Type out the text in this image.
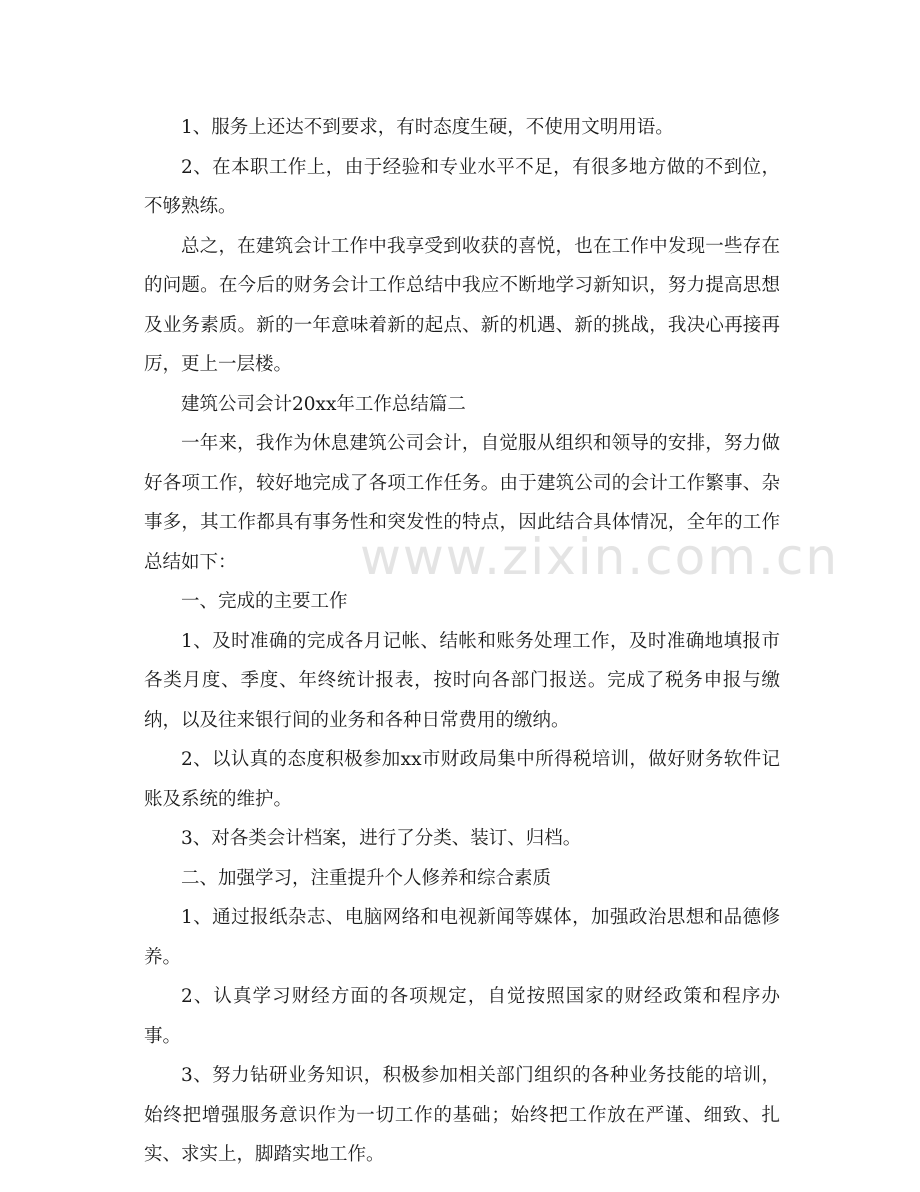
www.zixin.com.cn

1、服务上还达不到要求，有时态度生硬，不使用文明用语。

2、在本职工作上，由于经验和专业水平不足，有很多地方做的不到位，不够熟练。

总之，在建筑会计工作中我享受到收获的喜悦，也在工作中发现一些存在的问题。在今后的财务会计工作总结中我应不断地学习新知识，努力提高思想及业务素质。新的一年意味着新的起点、新的机遇、新的挑战，我决心再接再厉，更上一层楼。

建筑公司会计20xx年工作总结篇二

一年来，我作为休息建筑公司会计，自觉服从组织和领导的安排，努力做好各项工作，较好地完成了各项工作任务。由于建筑公司的会计工作繁事、杂事多，其工作都具有事务性和突发性的特点，因此结合具体情况，全年的工作总结如下：

一、完成的主要工作

1、及时准确的完成各月记帐、结帐和账务处理工作，及时准确地填报市各类月度、季度、年终统计报表，按时向各部门报送。完成了税务申报与缴纳，以及往来银行间的业务和各种日常费用的缴纳。

2、以认真的态度积极参加xx市财政局集中所得税培训，做好财务软件记账及系统的维护。

3、对各类会计档案，进行了分类、装订、归档。

二、加强学习，注重提升个人修养和综合素质

1、通过报纸杂志、电脑网络和电视新闻等媒体，加强政治思想和品德修养。

2、认真学习财经方面的各项规定，自觉按照国家的财经政策和程序办事。

3、努力钻研业务知识，积极参加相关部门组织的各种业务技能的培训，始终把增强服务意识作为一切工作的基础；始终把工作放在严谨、细致、扎实、求实上，脚踏实地工作。
